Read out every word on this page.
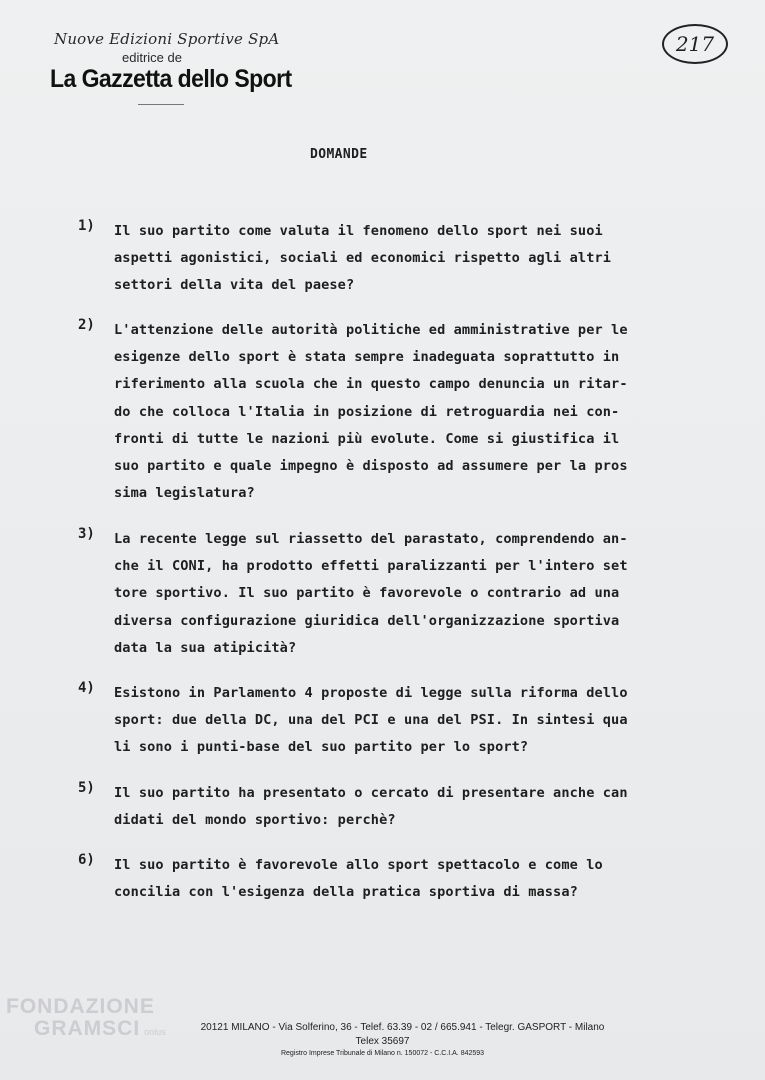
Nuove Edizioni Sportive SpA
editrice de
La Gazzetta dello Sport
217
DOMANDE
1) Il suo partito come valuta il fenomeno dello sport nei suoi
aspetti agonistici, sociali ed economici rispetto agli altri
settori della vita del paese?
2) L'attenzione delle autorità politiche ed amministrative per le
esigenze dello sport è stata sempre inadeguata soprattutto in
riferimento alla scuola che in questo campo denuncia un ritar-
do che colloca l'Italia in posizione di retroguardia nei con-
fronti di tutte le nazioni più evolute. Come si giustifica il
suo partito e quale impegno è disposto ad assumere per la pros
sima legislatura?
3) La recente legge sul riassetto del parastato, comprendendo an-
che il CONI, ha prodotto effetti paralizzanti per l'intero set
tore sportivo. Il suo partito è favorevole o contrario ad una
diversa configurazione giuridica dell'organizzazione sportiva
data la sua atipicità?
4) Esistono in Parlamento 4 proposte di legge sulla riforma dello
sport: due della DC, una del PCI e una del PSI. In sintesi qua
li sono i punti-base del suo partito per lo sport?
5) Il suo partito ha presentato o cercato di presentare anche can
didati del mondo sportivo: perchè?
6) Il suo partito è favorevole allo sport spettacolo e come lo
concilia con l'esigenza della pratica sportiva di massa?
FONDAZIONE
GRAMSCI onlus	20121 MILANO - Via Solferino, 36 - Telef. 63.39 - 02 / 665.941 - Telegr. GASPORT - Milano
Telex 35697
Registro Imprese Tribunale di Milano n. 150072 - C.C.I.A. 842593
